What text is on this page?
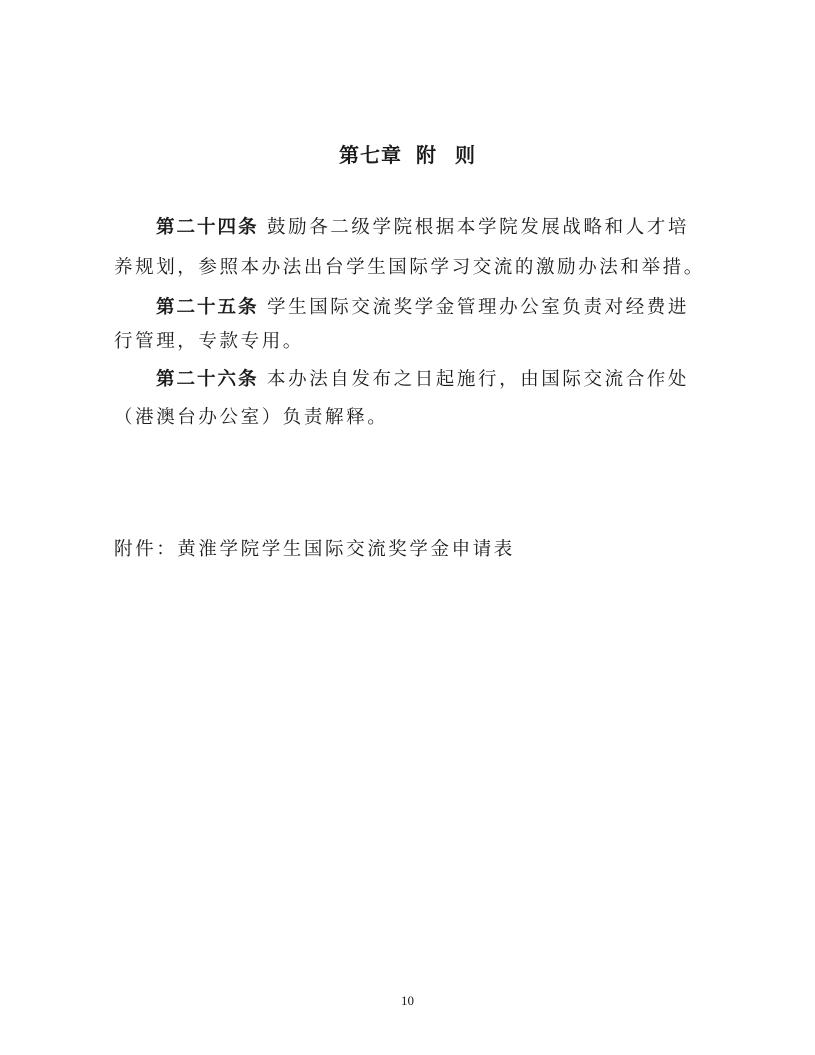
第七章 附 则
第二十四条 鼓励各二级学院根据本学院发展战略和人才培
养规划，参照本办法出台学生国际学习交流的激励办法和举措。
第二十五条 学生国际交流奖学金管理办公室负责对经费进
行管理，专款专用。
第二十六条 本办法自发布之日起施行，由国际交流合作处
（港澳台办公室）负责解释。
附件：黄淮学院学生国际交流奖学金申请表
10
